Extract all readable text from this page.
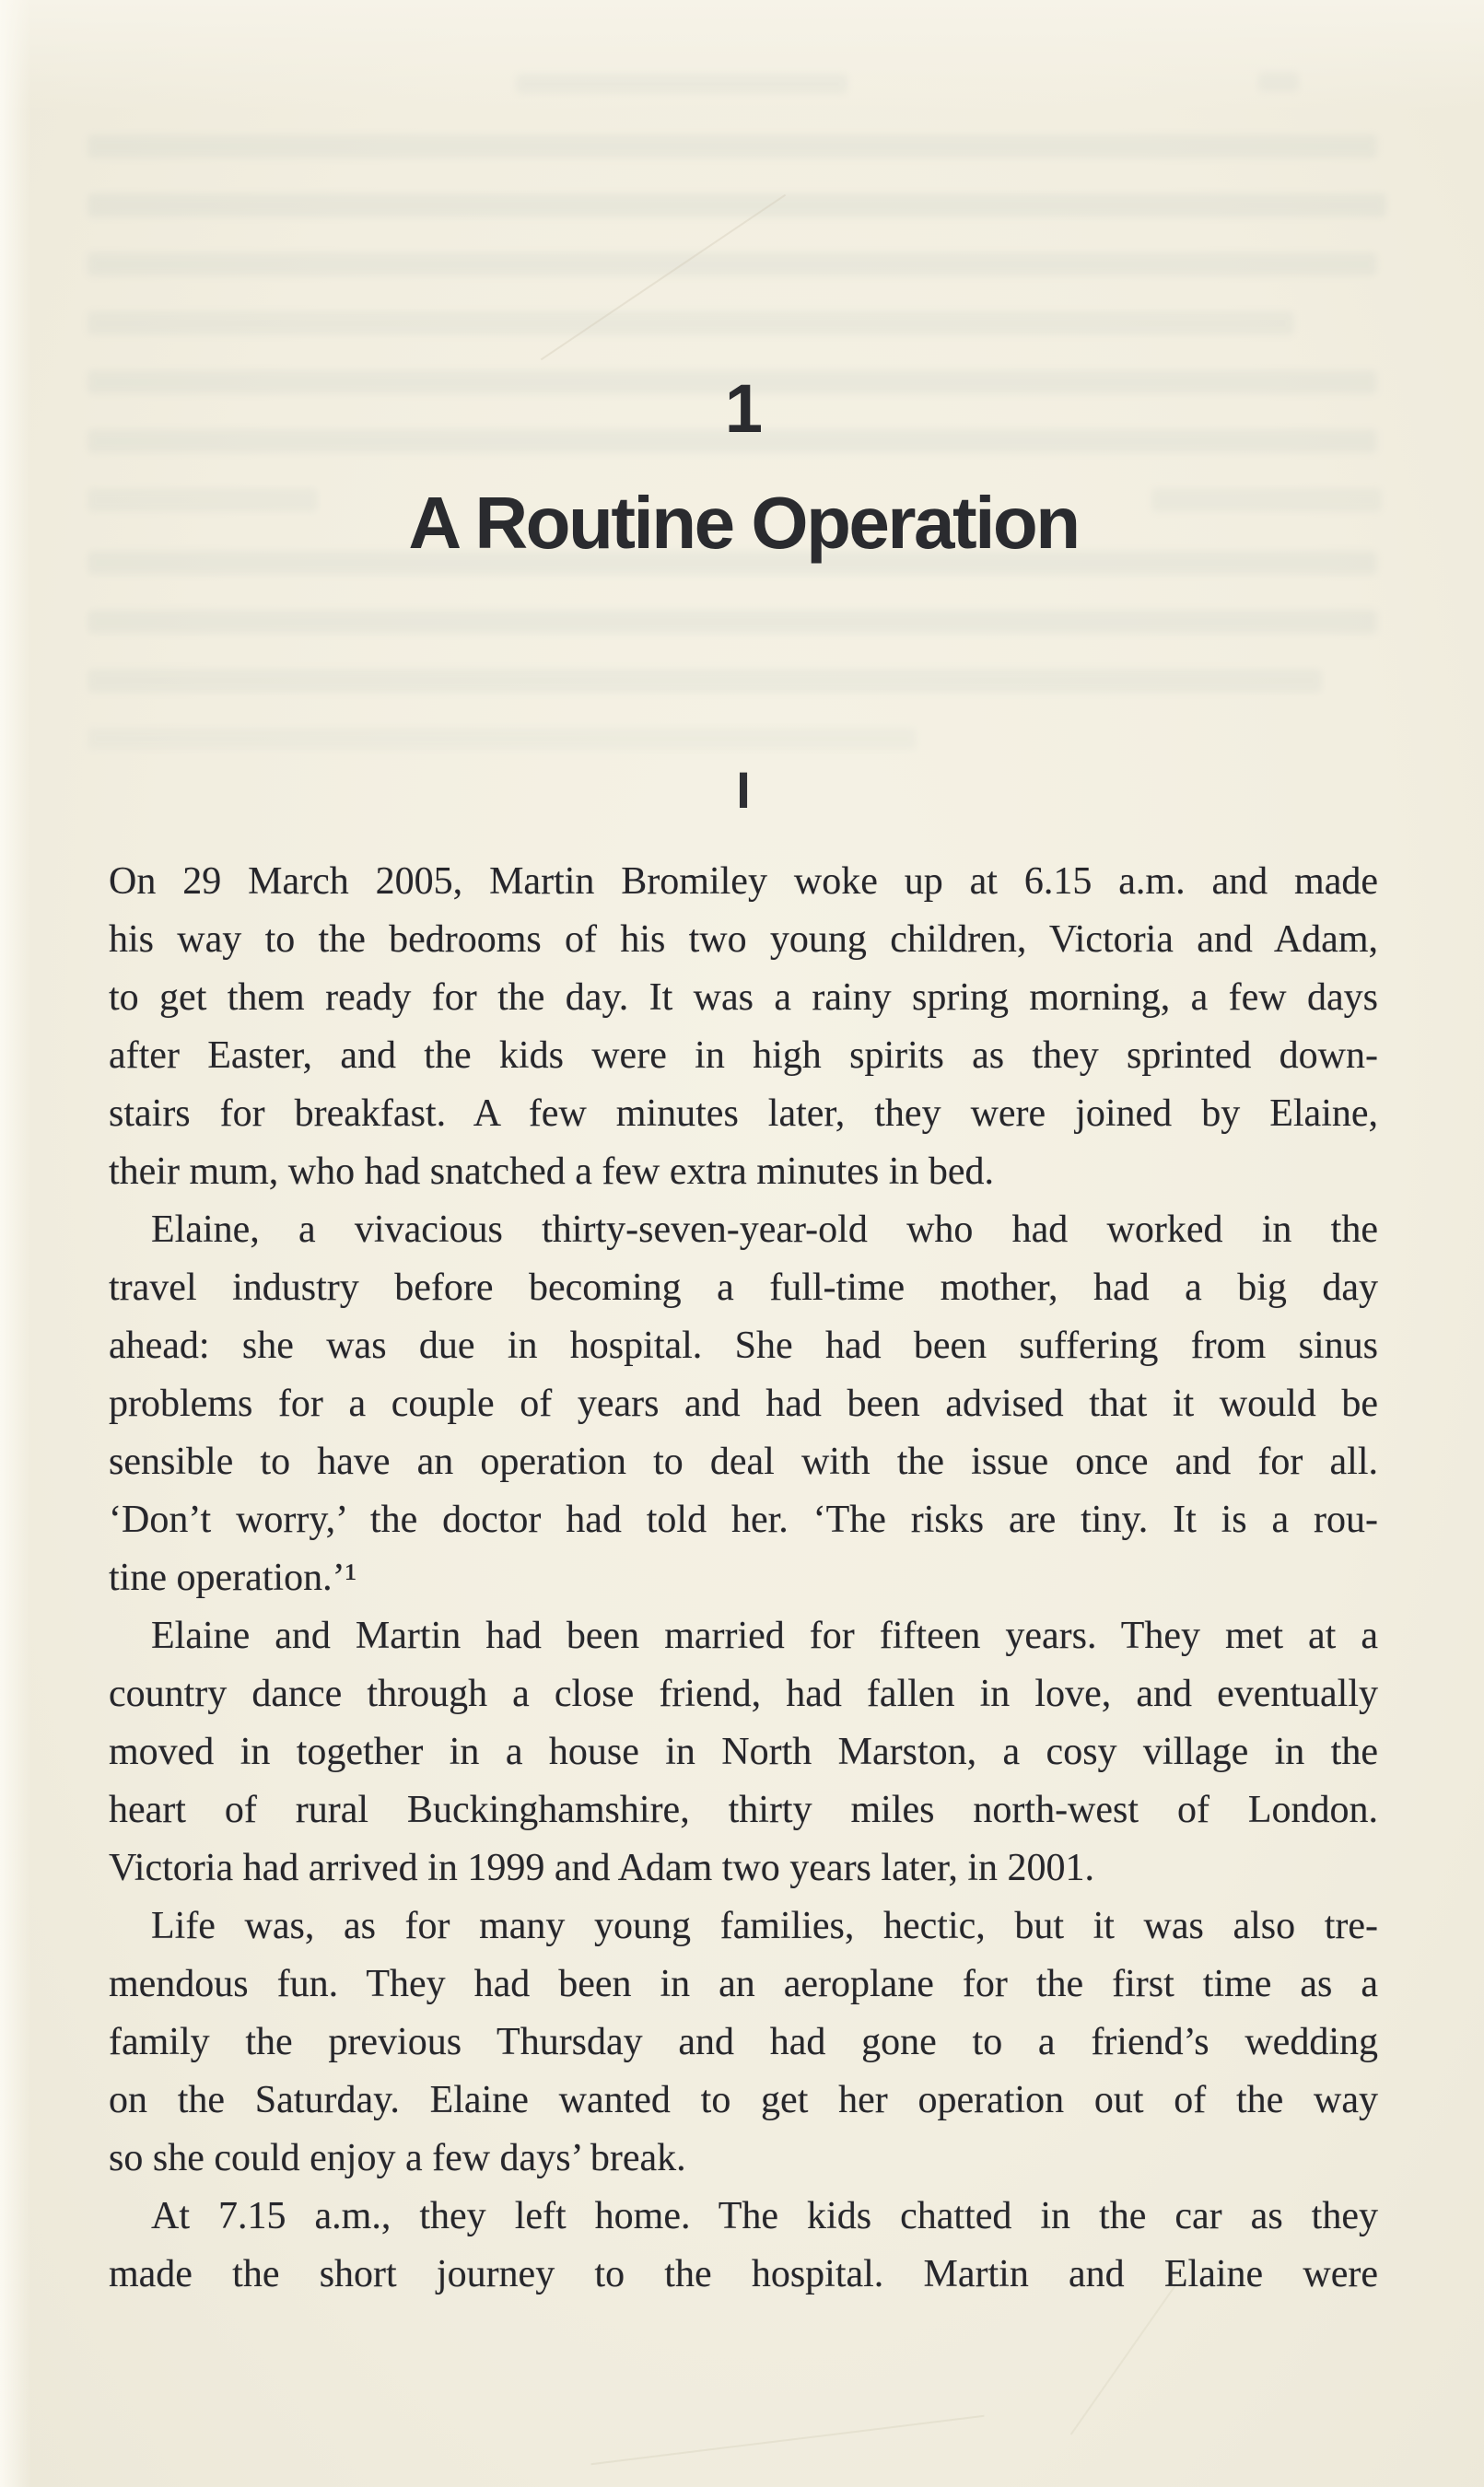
1
A Routine Operation
I
On 29 March 2005, Martin Bromiley woke up at 6.15 a.m. and made
his way to the bedrooms of his two young children, Victoria and Adam,
to get them ready for the day. It was a rainy spring morning, a few days
after Easter, and the kids were in high spirits as they sprinted down-
stairs for breakfast. A few minutes later, they were joined by Elaine,
their mum, who had snatched a few extra minutes in bed.
Elaine, a vivacious thirty-seven-year-old who had worked in the
travel industry before becoming a full-time mother, had a big day
ahead: she was due in hospital. She had been suffering from sinus
problems for a couple of years and had been advised that it would be
sensible to have an operation to deal with the issue once and for all.
‘Don’t worry,’ the doctor had told her. ‘The risks are tiny. It is a rou-
tine operation.’¹
Elaine and Martin had been married for fifteen years. They met at a
country dance through a close friend, had fallen in love, and eventually
moved in together in a house in North Marston, a cosy village in the
heart of rural Buckinghamshire, thirty miles north-west of London.
Victoria had arrived in 1999 and Adam two years later, in 2001.
Life was, as for many young families, hectic, but it was also tre-
mendous fun. They had been in an aeroplane for the first time as a
family the previous Thursday and had gone to a friend’s wedding
on the Saturday. Elaine wanted to get her operation out of the way
so she could enjoy a few days’ break.
At 7.15 a.m., they left home. The kids chatted in the car as they
made the short journey to the hospital. Martin and Elaine were
